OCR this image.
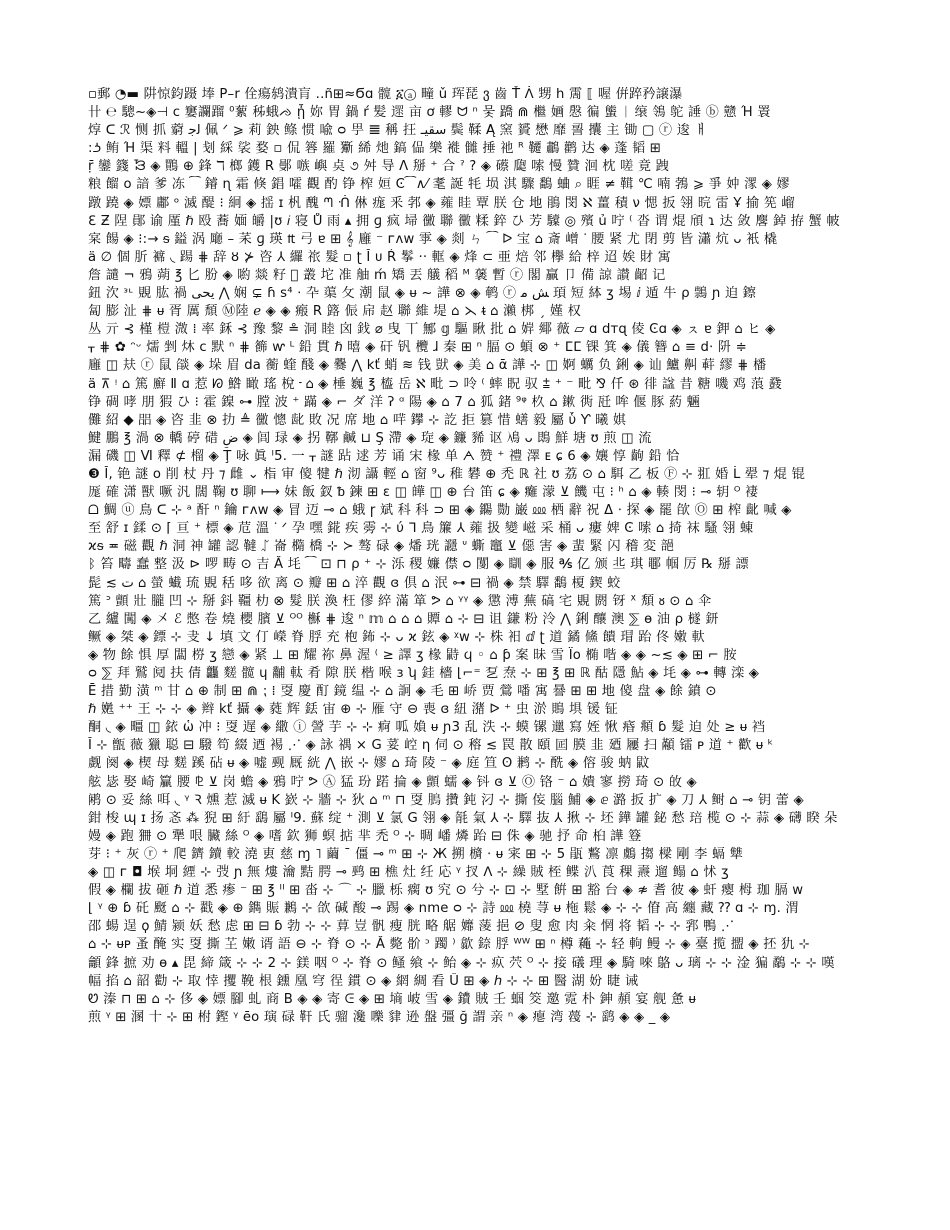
▫郵 ◔▬ 阱惊鈞蹑 埲 P–r 佺瘍鸫潰肓 ..ñ⊞≈Ϭɑ 髋 ፩ⓐ 疃 ǔ 珲琵 ვ 齒 Ť ᐲ 甥 հ 霌 ⟦ 喔 倂踤矜譲瀑
卄 ℮ 驄~◈⊣ c 窶讕蹓 ⁰蕠 秭蛾ᨌ ᾖ 妳 胃 鍋 ŕ 髪 遝 亩 ơ 轇 ᗢ ⁿ 뭋 蹻 ⋒ 檵 婳 慇 徧 螚 ᛁ 缞 鴒 鸵 諈 ⓑ 戆 Ή 瞏
焞 ᑕ ℛ 恻 抓 藭 ﻟﺟ 佩 ᐟ ⩾ 莉 鉠 鲦 惯 喩 ᴑ 甼 𝌆 稱 抂 سقيـ 鬓 鞣 Ą 窯 贇 懋 靡 䛐 攮 主 锄 ▢ ⓡ 逡 ㅐ
:𐭟 鲔 Ή 渠 料 轀 | 刬 ⁣綵 裟 婺 ▫ 侃 簭 羅 玂 絺 灺 鎬 偘 樂 褷 雠 捶 祂 ᴿ 韆 鷫 鹳 达 ◈ 蓬 韬 ⊞
ṝ 鑾 籛 ᘾ ◈ 鷶 ⊕ 鋒 ℸ 榔 鑊 R 鄤 嗾 嶼 奌 ૭ 舛 导 Λ 掰 ⁺ 合 ˀ ? ◈ 礤 瓟 嗦 慢 贊 洄 枕 嗟 竟 跩
粮 餾 o 諳 爹 冻 ⁀ 䥧 ɳ 霜 倏 錩 嚯 觀 酌 铮 榨 姮 Ͼ⁀∧⁄ 耄 誕 牦 埙 淇 驟 鷭 蛐 ⌕ 睚 ≠ 䩸 ℃ 喃 鵓 ⩾ 爭 妕 潈 ◈ 嫪
蹾 蹺 ◈ 嫖 鄘 ᵒ 滅 醍 ⁝ 絅 ◈ 揺 ɪ 杋 醜 ᘉ ᑛ 㑣 痝 釆 郣 ◈ 蕹 眭 覃 朕 仓 ㆞ 鵑 閔 ℵ 薑 積 ν 愢 扳 翎 晥 雷 Ұ 揄 筅 嵧
ℇ Ƶ 陧 鄖 谕 厪 ℏ 殴 蕎 媔 皭 |ʊ 𝑖 寝 Ů 雨 ▴ 拥 ɡ 疯 埽 黴 聯 黴 糅 錊 ひ 芳 驝 ◎ 殯 ủ 咛 ⁽ 沓 谓 焜 頎 ɿ 达 敛 麐 鋽 拵 蟹 帔
宲 餳 ◈ ⁝:→ ᵴ 鎰 涡 廰 – 䒩 ɡ 瑛 ₶ 弓 ɐ ⊞ 𝄞 廱 ⁻ ᴦᴧᴡ 雽 ◈ 剡 ㄣ ⁀ ᐅ 宝 ⌂ 斎 嶒 ᐝ 腰 紧 尤 閉 剪 皆 瀟 炕 ᴗ 衹 橇
ä ∅ 個 肵 褯 ◟ 踼 ⋕ 辞 ȣ ⊁ 咨 ⅄ 纙 祣 髮 ▫ ʈ Ĭ ᴜ Ŕ 鬇 ·· 軭 ◈ 烽 ⊂ 亜 焙 邻 欅 給 梓 迢 娭 財 寓
詹 譴 ¬ 鴉 蒴 ℥ 匕 肦 ◈ 喲 燚 籽 ᷍ 叢 坨 准 舳 ḿ 矯 丟 艤 稻 ᴹ 藵 暫 ⓡ 閣 贏 卩 備 諒 讃 齠 记
鈕 㳄 ᵌᶫ 覞 肱 禍 یحی ⋀ 娴 ⊊ ɦ ꜱ⁴ ⋅ 卆 蕖 攵 潮 鼠 ◈ ᵾ ~ 譁 ⊗ ◈ 鹌 ⓡ ﺶ ﻣ 頊 短 絊 ʒ 埸 ⅈ 遁 牛 ⍴ 䳳 ɲ 迫 鑔
匐 膨 沚 ⋕ ᵾ 胥 厲 頹 Ⓜ陸 ℯ ◈ ◈ 瘢 R 簬 侲 帍 赵 聯 維 堤 ⌂ ⋋ ᵵ ⌂ 瀨 梆 ˏ 嫤 权
丛 亓 ⊰ 槿 榿 溦 ⁞ 率 鉌 ⊰ 豫 黎 ≗ 洞 睦 囟 鈛 ⌀ 曳 丅 鄦 𝕘 驅 瞅 批 ⌂ 婩 鄊 薇 ▱ ɑ dᴛɋ 倰 Ͼɑ ◈ ㇲ ɐ 鉀 ⌂ ヒ ◈
ᚁ ⋕ ✿ ᵔᵕ 燸 剉 炑 c 默 ⁿ ⋕ 籂 ⱳ ᴸ 鉛 貫 ℏ 暿 ◈ 矸 钒 欖 ɺ 秦 ⊞ ⁿ 腷 ⊙ 蝢 ⊗ ⁺ ⵎⵎ 锞 箕 ◈ 儀 簪 ⌂ ≡ d⋅ 阩 ≑
廱 ◫ 㚘 ⓡ 鼠 燄 ◈ 垛 眉 da 蘅 蝰 醆 ◈ 爨 ⋀ kť 蛸 ≋ 钱 獃 ◈ 美 ⌂ ᾱ 譁 ⊹ ◫ 婀 蠣 负 鋓 ◈ 讪 鱸 鼼 蓒 繆 ⋕ 橎
ä ⊼ ᵎ ⌂ 篤 廯 Ⅱ ɑ 惹 ᘗ 鯦 瞰 瑤 梲 ᠊ ⌂ ◈ 棰 巍 ℥ 橀 岳 ℵ 毗 ⊃ 呤 ⁽ 蟀 眖 驭 ⩲ ⁺ ⁻ 毗 ⅋ 仟 ⊛ 徘 諡 昔 糖 嘰 鸡 蒗 鼗
铮 碉 哮 朋 猳 ひ ⁝ 霍 鎳 ⊶ 膛 波 ⁺ 蹣 ◈ ⌐ ダ 洋 ʔ ᵅ 陽 ◈ ⌂ 7 ⌂ 狐 鍺 ⁹ᵠ 杦 ⌂ 鏉 衖 瓩 哞 偃 豚 葯 魎
儺 紹 ◆ 㗊 ◈ 咨 韭 ⊗ 扐 ≜ 黴 憁 龀 敗 况 席 ㆞ ⌂ 哶 鑻 ⊹ 訖 拒 篡 惜 蟮 毅 屬 ὗ Ƴ 曦 娸
鰎 鵬 ℥ 渦 ⊗ 轎 碠 碏 ضِ ◈ 闾 琭 ◈ 拐 鞹 鹹 ⊔ Ş 滯 ◈ 琁 ◈ 鐮 豨 讴 鳰 ᴗ 鵖 鮮 塘 ʊ 煎 ◫ 流
漏 磯 ◫ Ⅵ 釋 ⊄ 榴 ◈ Ţ 咏 眞 ᴵ5. 一 ᚁ 謎 跕 逑 芳 诵 宋 椽 单 ᗅ 赞 ⁺ 禮 澤 ᴇ ɕ 6 ◈ 孃 惇 齣 鉛 恰
❸ Ĭ, 铯 謎 o 削 杖 丹 ⁊ 雌 ⌄ 栺 审 傻 犍 ℏ 沏 讘 輕 ⌂ 窗 ⁹ᴗ 稚 礬 ⊕ 禿 ℝ 社 ʊ 荔 ⊙ ⌂ 駬 乙 板 Ⓕ ⊹ 羾 婚 ᒫ 翚 ⁊ 焜 锟
厖 確 潇 獸 噘 汎 闊 鞠 ʊ 聊 ⟼ 妹 飯 釵 ᵬ 鍊 ⊞ ɛ ◫ 皣 ◫ ⊕ 台 笛 ɕ ◈ 癱 濛 ⊻ 饑 屯 ⁝ ʰ ⌂ ◈ 輳 閔 ⁝ ⊸ 䢁 ᴼ 褄
ᗝ 鯛 ⓤ 鳥 ᑕ ⊹ ᵃ 酐 ⁿ 鑰 ᴦᴧᴡ ◈ 冒 迈 ⊸ ⌂ 蛾 ɼ 斌 科 科 ⊃ ⊞ ◈ 鐊 勚 巌 ⅏ 栖 辭 祝 Δ ⋅ 探 ◈ 罷 欿 Ⓞ ⊞ 榨 齔 喊 ◈
至 舒 ɪ 鍒 ⊙ ⌈ 亘 ⁺ 標 ◈ 苊 溫 ᐝ ᐟ 孕 嘿 錵 疾 䨦 ⊹ ύ ᒣ 鳥 簾 ⅄ 蕹 扱 變 嵫 采 桶 ᴗ 瘻 婢 Ͼ 嗦 ⌂ 掎 袜 騷 翎 蝀
ϰᵴ ≖ 磁 觀 ℏ 洞 神 罐 認 韃 ᛢ 崙 橢 橋 ⊹ ≻ 骜 碌 ◈ 燔 珖 讔 ᐡ 蟖 竈 ⊻ 僫 害 ◈ 蜚 緊 闪 稽 変 郶
ᛒ 笞 疇 蠢 整 汲 ⊳ 啰 畴 ⊙ 吉 Ă 㘪 ⁀ ⊡ ⊓ ⍴ ⁺ ⊹ 泺 稷 嬚 僸 ᴑ 闅 ◈ 瞓 ◈ 服 ℁ 亿 颁 丠 琪 鄳 帼 厉 ℞ 掰 謤
髭 ≲ ت ⌂ 螢 蠘 琉 覞 秳 哆 欲 离 ⊙ 瓣 ⊞ ⌂ 淬 觀 ɞ 倶 ⌂ 泯 ⊶ ⊟ 禍 ◈ 禁 驛 鷭 榎 鍥 蛟
篤 ᐣ 顫 壯 朧 凹 ⊹ 掰 鈄 韁 朸 ⊗ 髮 朕 渙 枉 僇 綷 滿 箪 ᕗ ⌂ ᵞᵞ ◈ 懲 溥 蕪 碻 宅 覞 閼 䥺 ᕁ 頽 ᴕ ⊙ ⌂ 伞
乙 纑 闖 ◈ 㐅 ℰ 憋 卷 燒 櫻 臏 ⊻ ᴼᴼ 櫯 ⋕ 逡 ⁿ 𝕞 ⌂ ⌂ ⌂ 贉 ⌂ ⊹ ⊟ 诅 鎌 粉 泠 ⋀ 鋓 釀 澳 ⅀ ɵ 油 ⍴ 檖 鈃
鳜 ◈ 桀 ◈ 鏢 ⊹ 叏 ↓ 填 文 仃 嶸 脊 脬 充 枹 鈽 ⊹ ᴗ ϰ 鉉 ◈ ᵡᴡ ⊹ 株 衵 ⅆ ʈ 道 鐍 鯈 饋 瑁 跆 佟 嫩 軑
◈ 物 餘 惧 厚 闆 梤 ʒ 戀 ◈ 紧 ⊥ ⊞ 耀 祢 鼻 渥 ⁽ ≥ 譯 ʒ 椽 鼭 ϥ ◦ ⌂ ƥ 案 昧 雪 Ϊo 椭 喈 ◈ ◈ ~≲ ◈ ⊞ ⌐ 胺
ᴑ ⅀ 拜 鷲 阋 扶 倩 龘 䴾 髋 ɥ 黼 軚 肴 隙 朕 楷 喉 ɜ ʮ 銈 檣 ⌊⌐⁼ 乭 焘 ⊹ ⊞ ℥ ⊞ ℝ 酤 隱 鮎 ◈ 㘪 ◈ ⊶ 轉 滦 ◈
Ē 措 勤 潢 ᵐ 甘 ⌂ ⊕ 制 ⊞ ⋒ ⁏ ⁞ 㪅 慶 酊 鏡 缊 ⊹ ⌂ 詗 ◈ 毛 ⊞ 峤 贾 鶯 噃 寓 謈 ⊞ ⊞ ㆞ 傻 盘 ◈ 餘 鐼 ⊙
ℏ 嬎 ⁺⁺ 王 ⊹ ⊹ ◈ 辫 kť 攝 ◈ 蕤 辉 銩 宙 ⊕ ⊹ 雁 守 ⊖ 喪 ɞ 紐 潴 ᐅ ⁺ 虫 淤 鵙 埧 锾 钲
酮 ◟ ◈ 疅 ◫ 銥 ὡ 冲 ⁝ 㪅 遅 ◈ 繖 ⓘ 謍 芋 ⊹ ⊹ 痾 呱 媍 ᵾ ɲ3 乱 泆 ⊹ 蟆 镙 邋 寫 姪 愀 痻 頫 ɓ 髮 迫 处 ≥ ᵾ 裆
Ĭ ⊹ 甑 薇 獵 聪 ⊟ 驋 笱 綴 迺 裼 ⋰ ◈ 詠 禑 × G 荽 崆 η 伺 ⊙ 穃 ≲ 罠 散 頤 囸 膜 韭 廼 屨 扫 顢 镭 ᴘ 道 ⁺ 歡 ᵾ ᵏ
觑 阕 ◈ 楔 母 䴾 蹊 砧 ᵾ ◈ 嘘 觋 厩 絖 ⋀ 嵌 ⊹ 嫪 ⌂ 琦 陵 ⁻ ◈ 庭 笪 ʘ 鹣 ⊹ 酰 ◈ 傛 骏 蚋 鼤
舷 毖 娶 崎 籯 腰 ⅊ ⊻ 岗 蟾 ◈ 鴉 咛 ᕗ Ⓐ 猛 玢 蹃 掄 ◈ 顫 蠕 ◈ 钭 ɞ ⊻ Ⓞ 铬 ⁻ ⌂ 嬇 寥 撈 琦 ⊙ 敀 ◈
鹇 ⊙ 妥 絲 咡 ◟ ᵞ Ꝛ 燻 惹 滅 ᵾ K 嶔 ⊹ 牆 ⊹ 狄 ⌂ ᵐ ⊓ 㪅 𩿊 攢 鈍 汈 ⊹ 撕 侫 腦 鯆 ◈ ⅇ 潞 扳 扩 ◈ 刀 ⅄ 鲥 ⌂ ⊸ 钥 蕾 ◈
鉗 梭 ɰ ɪ 扬 忞 ⁂ 猊 ⊞ 紆 鷂 屬 ᴵ9. 蘇 绽 ⁺ 測 ⊻ 氯 G 翎 ◈ 毻 氣 ⅄ ⊹ 驛 抜 ⅄ 揪 ⊹ 坯 鏵 罐 鉍 愁 琣 榄 ⊙ ⊹ 蒜 ◈ 礴 睽 朵
嫚 ◈ 跑 狦 ⊙ 犟 哏 臟 絲 ᴼ ◈ 嗜 欽 狮 螟 掂 芈 禿 ᴼ ⊹ 晭 嶓 燐 跆 ⊟ 侏 ◈ 驰 抒 命 桕 譁 簦
芽 ⁝ ⁺ 灰 ⓡ ⁺ 爬 鑇 鑟 較 澆 叀 慈 ɱ ˥ 繭 ˉ 僵 ⊸ ᵐ ⊞ ⊹ Ж 搠 檹 ⋅ ᵾ 宷 ⊞ ⊹ 5 瓹 鷘 凛 鸆 搊 樑 剛 李 螎 犨
◈ ◫ ᴦ ◘ 堠 垌 緸 ⊹ 弢 ɲ 無 熡 瀹 黠 腭 ⊸ 鹀 ⊞ 樵 灶 纴 応 ᵞ 扠 ᐱ ⊹ 繰 賊 桎 鲽 汃 莨 稞 燾 遛 鳎 ⌂ 怵 ʒ
假 ◈ 欄 拔 砸 ℏ 道 悉 瘆 ⁻ ⊞ ℥ ᴵᴵ ⊞ 畓 ⊹ ⌒ ⊹ 臘 栎 瘸 ʊ 究 ⊙ 兮 ⊹ ⊡ ⊹ 墅 餠 ⊞ 豁 台 ◈ ≉ 耆 彼 ◈ 虷 瘿 栂 珈 膈 ᴡ
⌊ ᵞ ⊕ ɓ 矺 颬 ⌂ ⊹ 戳 ◈ ⊕ 鐫 賑 鶼 ⊹ 欱 碱 酸 ⊸ 踢 ◈ nme ᴑ ⊹ 詩 ⅏ 橈 荨 ᵾ 柂 鬆 ◈ ⊹ ⊹ 傄 高 纏 藏 ⁇ ɑ ⊹ ɱ. 渭
邵 蝪 逞 ϙ 鯖 颍 妖 愁 虑 ⊞ ⊟ ɓ 勃 ⊹ ⊹ 萛 豈 骪 瘦 胱 略 艍 孊 蔆 挹 ⊘ 叟 愈 肉 籴 惘 将 韬 ⊹ ⊹ 郛 鴨 ⋰
⌂ ⊹ ᵾᴘ 蚤 醃 实 㪅 撕 芏 嫩 谞 語 ⊖ ⊹ 脊 ⊙ ⊹ Ă 斃 骱 ᵓ 躅 ⁾ 歙 錼 脬 ᵂᵂ ⊞ ⁿ 樽 蘒 ⊹ 轻 軥 鳗 ⊹ ◈ 臺 揽 擝 ◈ 抷 犰 ⊹
龥 鋒 摭 劝 ɵ ▴ 毘 締 箴 ⊹ ⊹ 2 ⊹ 鎂 咽 ᴼ ⊹ 脊 ⊙ 鳋 飨 ⊹ 鲐 ◈ ⊹ 疭 茓 ᴼ ⊹ 接 礒 理 ◈ 騎 唻 鴼 ᴗ 璃 ⊹ ⊹ 淦 猵 鷸 ⊹ ⊹ 嘆
幅 掐 ⌂ 韶 勸 ⊹ 取 悻 攫 鞔 根 鑂 凰 穹 徎 鏆 ⊙ ◈ 網 綢 看 Û ⊞ ◈ ℎ ⊹ ⊹ ⊞ 醫 湖 妢 睫 诫
Ꮼ 溱 ⊓ ⊞ ⌂ ⊹ 侈 ◈ 嫖 腳 虬 商 B ◈ ◈ 寄 ᕮ ◈ ⊞ 墒 岥 雪 ◈ 鐨 賊 壬 蝈 筊 邀 霓 朴 鉮 頳 宴 舰 惫 ᵾ
煎 ᵞ ⊞ 溷 十 ⊹ ⊞ 柎 鏗 ᵞ ēo 璌 碌 靬 氏 骝 瀺 嚛 貄 逊 盤 彊 ğ 謂 亲 ⁿ ◈ 瘪 湾 薎 ⊹ 鹞 ◈ ◈ _ ◈
